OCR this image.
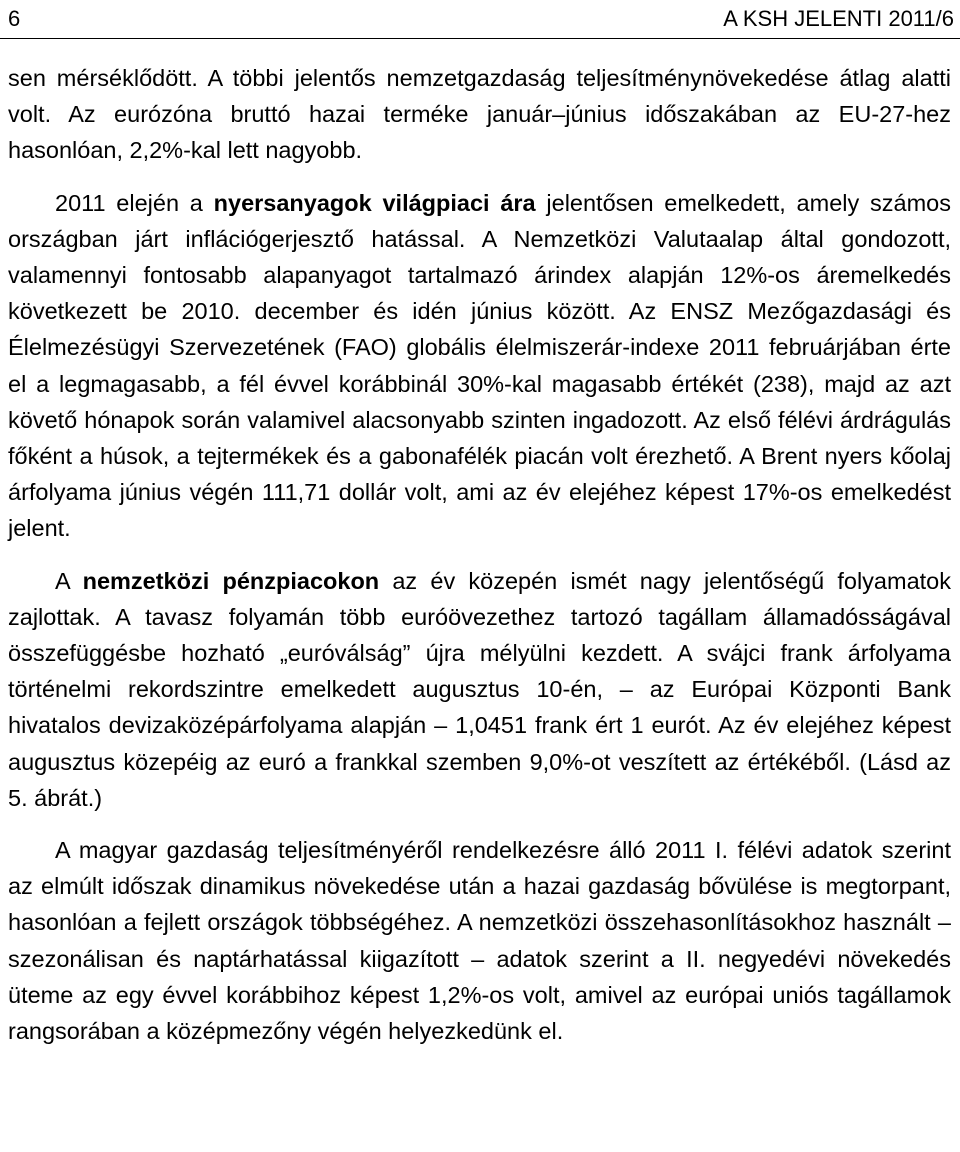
6	A KSH JELENTI 2011/6

sen mérséklődött. A többi jelentős nemzetgazdaság teljesítménynövekedése átlag alatti volt. Az eurózóna bruttó hazai terméke január–június időszakában az EU-27-hez hasonlóan, 2,2%-kal lett nagyobb.

2011 elején a nyersanyagok világpiaci ára jelentősen emelkedett, amely számos országban járt inflációgerjesztő hatással. A Nemzetközi Valutaalap által gondozott, valamennyi fontosabb alapanyagot tartalmazó árindex alapján 12%-os áremelkedés következett be 2010. december és idén június között. Az ENSZ Mezőgazdasági és Élelmezésügyi Szervezetének (FAO) globális élelmiszerár-indexe 2011 februárjában érte el a legmagasabb, a fél évvel korábbinál 30%-kal magasabb értékét (238), majd az azt követő hónapok során valamivel alacsonyabb szinten ingadozott. Az első félévi árdrágulás főként a húsok, a tejtermékek és a gabonafélék piacán volt érezhető. A Brent nyers kőolaj árfolyama június végén 111,71 dollár volt, ami az év elejéhez képest 17%-os emelkedést jelent.

A nemzetközi pénzpiacokon az év közepén ismét nagy jelentőségű folyamatok zajlottak. A tavasz folyamán több euróövezethez tartozó tagállam államadósságával összefüggésbe hozható „euróválság” újra mélyülni kezdett. A svájci frank árfolyama történelmi rekordszintre emelkedett augusztus 10-én, – az Európai Központi Bank hivatalos devizaközépárfolyama alapján – 1,0451 frank ért 1 eurót. Az év elejéhez képest augusztus közepéig az euró a frankkal szemben 9,0%-ot veszített az értékéből. (Lásd az 5. ábrát.)

A magyar gazdaság teljesítményéről rendelkezésre álló 2011 I. félévi adatok szerint az elmúlt időszak dinamikus növekedése után a hazai gazdaság bővülése is megtorpant, hasonlóan a fejlett országok többségéhez. A nemzetközi összehasonlításokhoz használt – szezonálisan és naptárhatással kiigazított – adatok szerint a II. negyedévi növekedés üteme az egy évvel korábbihoz képest 1,2%-os volt, amivel az európai uniós tagállamok rangsorában a középmezőny végén helyezkedünk el.
